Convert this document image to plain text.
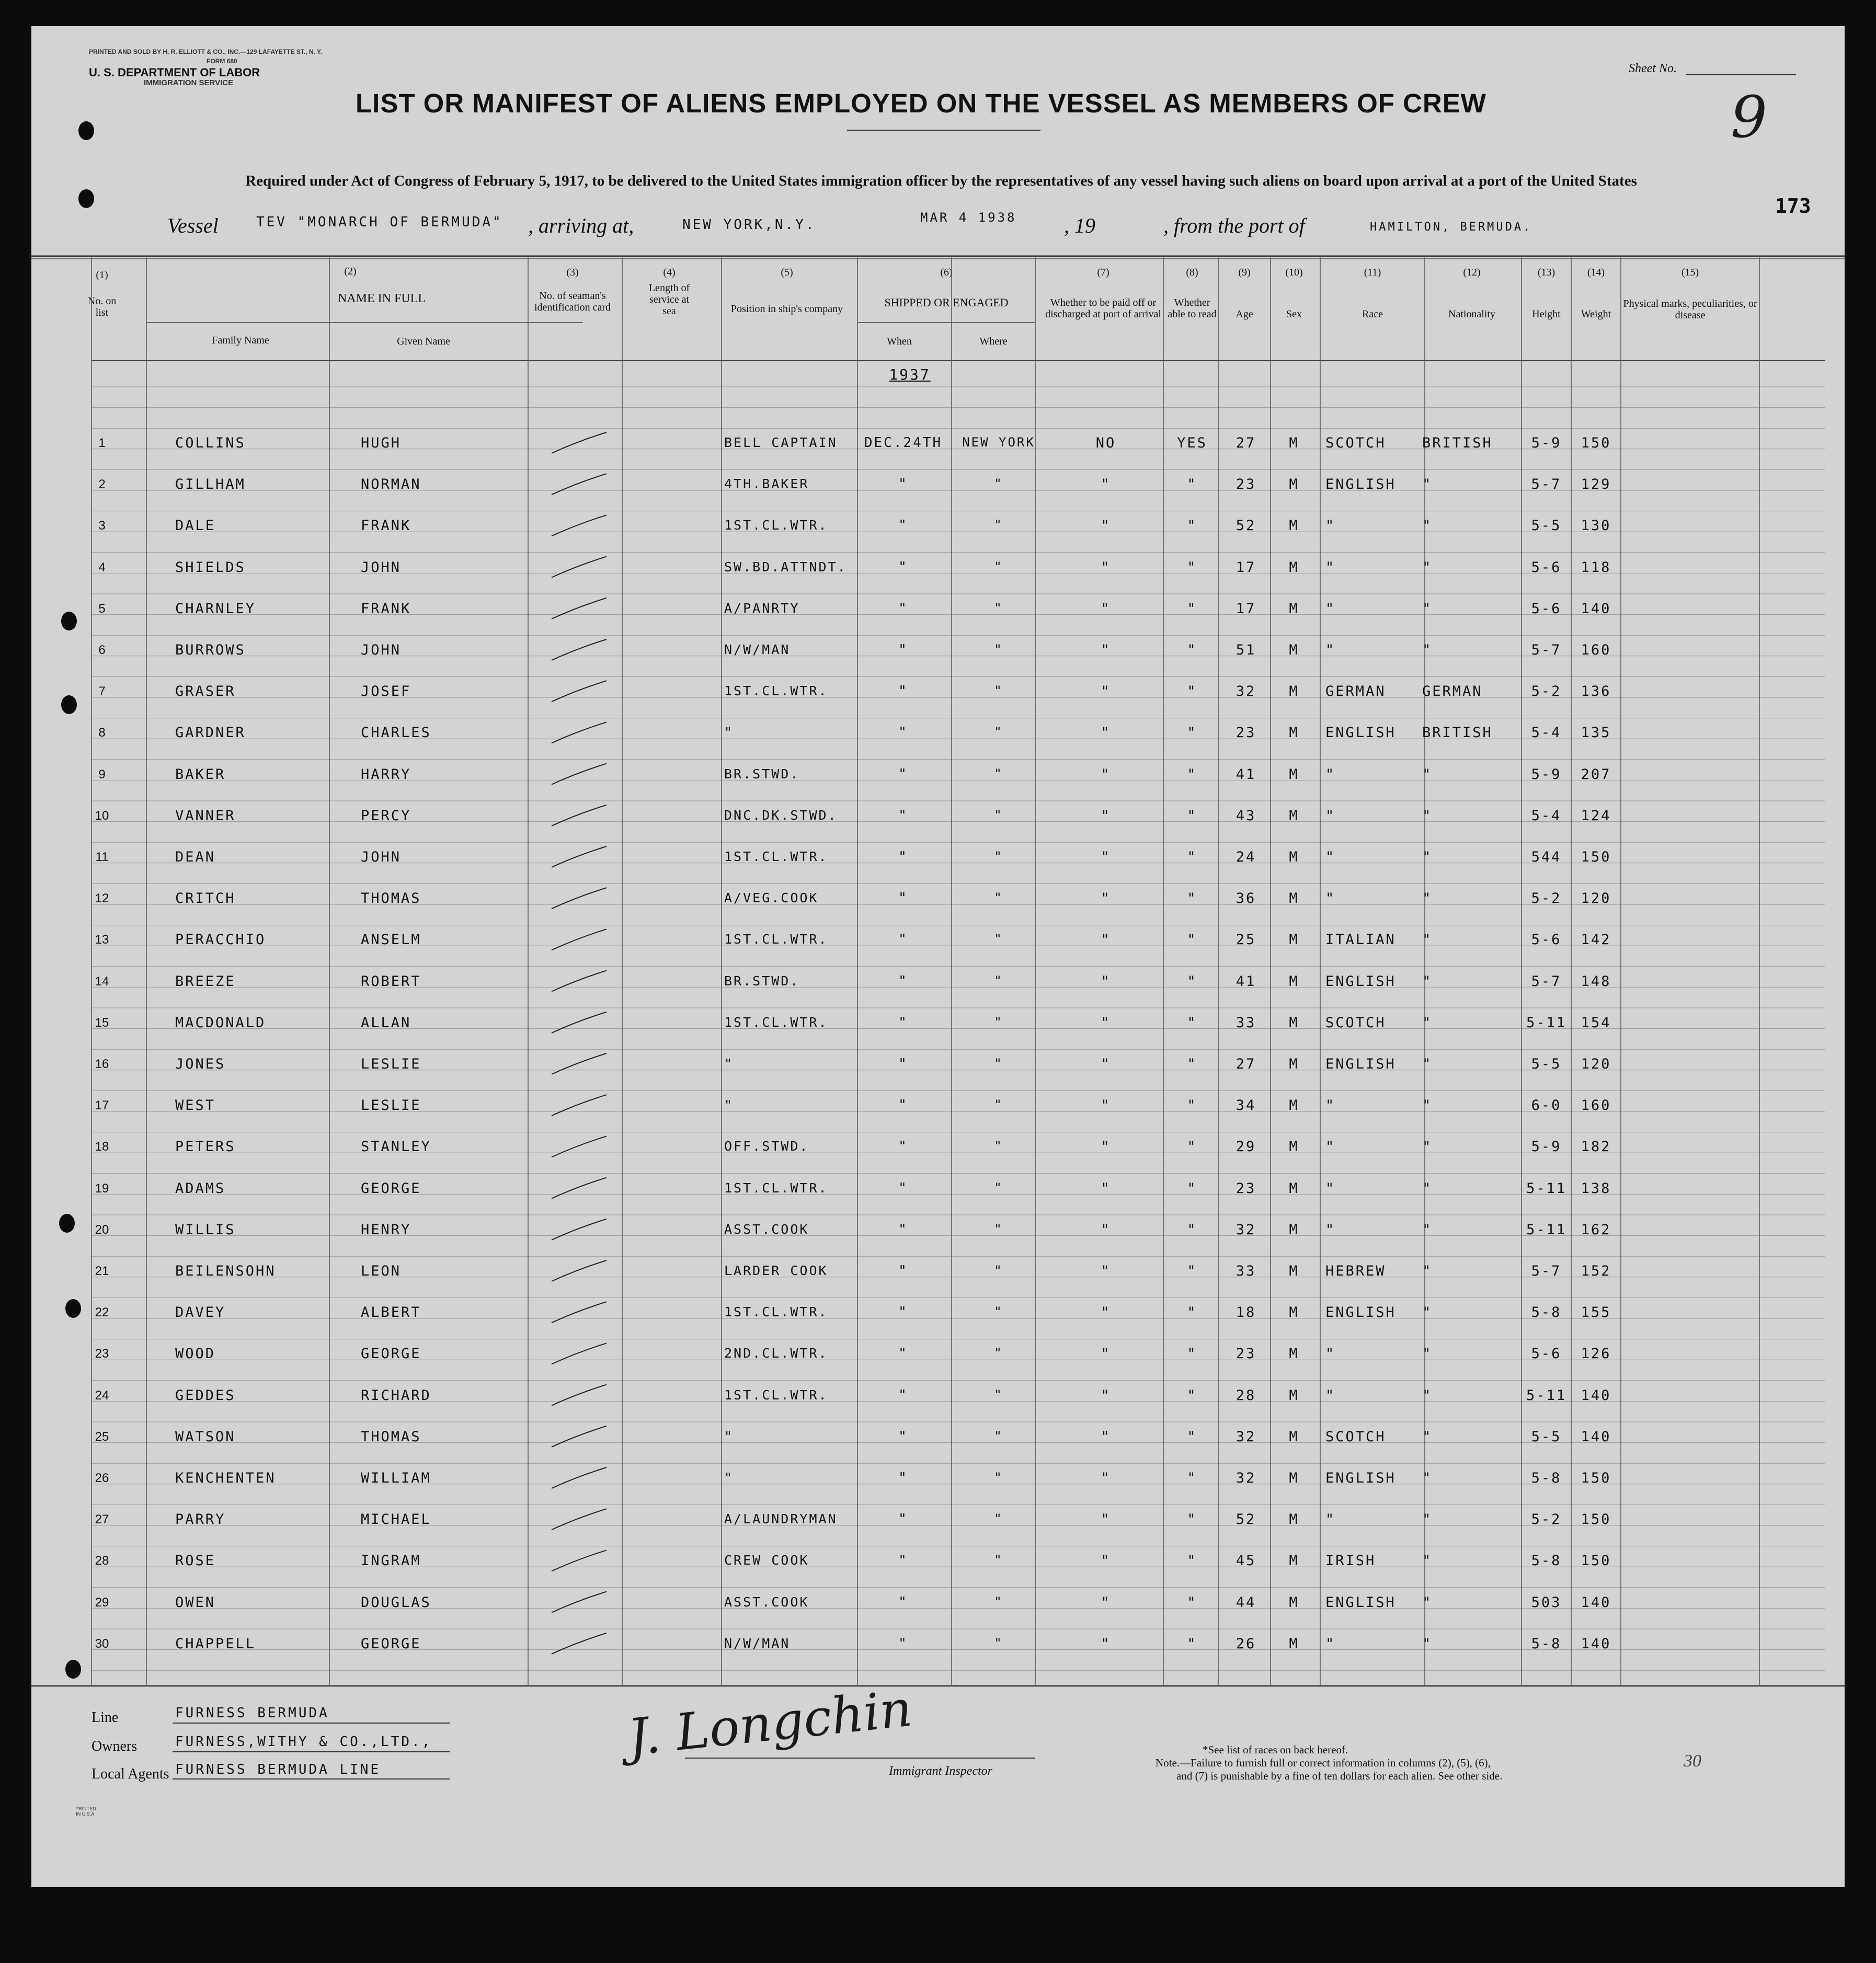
PRINTED AND SOLD BY H. R. ELLIOTT & CO., INC.—129 LAFAYETTE ST., N. Y.
FORM 680
U. S. DEPARTMENT OF LABOR
IMMIGRATION SERVICE
Sheet No.
9
173
LIST OR MANIFEST OF ALIENS EMPLOYED ON THE VESSEL AS MEMBERS OF CREW
Required under Act of Congress of February 5, 1917, to be delivered to the United States immigration officer by the representatives of any vessel having such aliens on board upon arrival at a port of the United States
Vessel	TEV "MONARCH OF BERMUDA" , arriving at,	NEW YORK,N.Y.	MAR 4 1938 , 19	, from the port of	HAMILTON, BERMUDA.
(1)
No. on list
(2)
NAME IN FULL
Family Name	Given Name
(3)
No. of seaman's identification card
(4)
Length of service at sea
(5)
Position in ship's company
(6)
SHIPPED OR ENGAGED
When	Where
(7)
Whether to be paid off or discharged at port of arrival
(8)
Whether able to read
(9)
Age
(10)
Sex
(11)
Race
(12)
Nationality
(13)
Height
(14)
Weight
(15)
Physical marks, peculiarities, or disease
1937
1	COLLINS	HUGH	BELL CAPTAIN	DEC.24TH	NEW YORK	NO	YES	27	M	SCOTCH	BRITISH	5-9	150
2	GILLHAM	NORMAN	4TH.BAKER	"	"	"	"	23	M	ENGLISH	"	5-7	129
3	DALE	FRANK	1ST.CL.WTR.	"	"	"	"	52	M	"	"	5-5	130
4	SHIELDS	JOHN	SW.BD.ATTNDT.	"	"	"	"	17	M	"	"	5-6	118
5	CHARNLEY	FRANK	A/PANRTY	"	"	"	"	17	M	"	"	5-6	140
6	BURROWS	JOHN	N/W/MAN	"	"	"	"	51	M	"	"	5-7	160
7	GRASER	JOSEF	1ST.CL.WTR.	"	"	"	"	32	M	GERMAN	GERMAN	5-2	136
8	GARDNER	CHARLES	"	"	"	"	"	23	M	ENGLISH	BRITISH	5-4	135
9	BAKER	HARRY	BR.STWD.	"	"	"	"	41	M	"	"	5-9	207
10	VANNER	PERCY	DNC.DK.STWD.	"	"	"	"	43	M	"	"	5-4	124
11	DEAN	JOHN	1ST.CL.WTR.	"	"	"	"	24	M	"	"	544	150
12	CRITCH	THOMAS	A/VEG.COOK	"	"	"	"	36	M	"	"	5-2	120
13	PERACCHIO	ANSELM	1ST.CL.WTR.	"	"	"	"	25	M	ITALIAN	"	5-6	142
14	BREEZE	ROBERT	BR.STWD.	"	"	"	"	41	M	ENGLISH	"	5-7	148
15	MACDONALD	ALLAN	1ST.CL.WTR.	"	"	"	"	33	M	SCOTCH	"	5-11	154
16	JONES	LESLIE	"	"	"	"	"	27	M	ENGLISH	"	5-5	120
17	WEST	LESLIE	"	"	"	"	"	34	M	"	"	6-0	160
18	PETERS	STANLEY	OFF.STWD.	"	"	"	"	29	M	"	"	5-9	182
19	ADAMS	GEORGE	1ST.CL.WTR.	"	"	"	"	23	M	"	"	5-11	138
20	WILLIS	HENRY	ASST.COOK	"	"	"	"	32	M	"	"	5-11	162
21	BEILENSOHN	LEON	LARDER COOK	"	"	"	"	33	M	HEBREW	"	5-7	152
22	DAVEY	ALBERT	1ST.CL.WTR.	"	"	"	"	18	M	ENGLISH	"	5-8	155
23	WOOD	GEORGE	2ND.CL.WTR.	"	"	"	"	23	M	"	"	5-6	126
24	GEDDES	RICHARD	1ST.CL.WTR.	"	"	"	"	28	M	"	"	5-11	140
25	WATSON	THOMAS	"	"	"	"	"	32	M	SCOTCH	"	5-5	140
26	KENCHENTEN	WILLIAM	"	"	"	"	"	32	M	ENGLISH	"	5-8	150
27	PARRY	MICHAEL	A/LAUNDRYMAN	"	"	"	"	52	M	"	"	5-2	150
28	ROSE	INGRAM	CREW COOK	"	"	"	"	45	M	IRISH	"	5-8	150
29	OWEN	DOUGLAS	ASST.COOK	"	"	"	"	44	M	ENGLISH	"	503	140
30	CHAPPELL	GEORGE	N/W/MAN	"	"	"	"	26	M	"	"	5-8	140
Line	FURNESS BERMUDA
Owners	FURNESS,WITHY & CO.,LTD.,
Local Agents FURNESS BERMUDA LINE
J. Longchin
Immigrant Inspector
*See list of races on back hereof.
Note.—Failure to furnish full or correct information in columns (2), (5), (6),
and (7) is punishable by a fine of ten dollars for each alien. See other side.
30
PRINTED IN U.S.A.
